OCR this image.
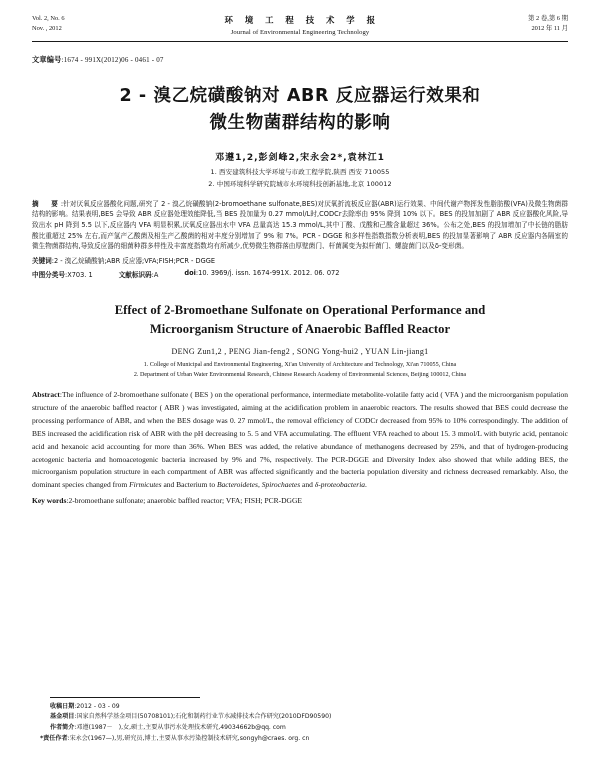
Vol. 2, No. 6
Nov. , 2012
环 境 工 程 技 术 学 报
Journal of Environmental Engineering Technology
第 2 卷,第 6 期
2012 年 11 月
文章编号:1674 - 991X(2012)06 - 0461 - 07
2 - 溴乙烷磺酸钠对 ABR 反应器运行效果和
微生物菌群结构的影响
邓遵1,2,彭剑峰2,宋永会2*,袁林江1
1. 西安建筑科技大学环境与市政工程学院,陕西 西安 710055
2. 中国环境科学研究院城市水环境科技创新基地,北京 100012
摘　要:针对厌氧反应器酸化问题,研究了 2 - 溴乙烷磺酸钠(2-bromoethane sulfonate,BES)对厌氧折流板反应器(ABR)运行效果、中间代谢产物挥发性脂肪酸(VFA)及微生物菌群结构的影响。结果表明,BES 会导致 ABR 反应器处理效能降低,当 BES 投加量为 0.27 mmol/L时,CODCr去除率由 95% 降到 10% 以下。BES 的投加加剧了 ABR 反应器酸化风险,导致出水 pH 降到 5.5 以下,反应器内 VFA 明显积累,厌氧反应器出水中 VFA 总量高达 15.3 mmol/L,其中丁酸、戊酸和己酸含量超过 36%。公布之处,BES 的投加增加了中长链的脂肪酸比重超过 25% 左右,而产氢产乙酸菌及相生产乙酸菌的相对丰度分别增加了 9% 和 7%。PCR - DGGE 和多样性指数指数分析表明,BES 的投加显著影响了 ABR 反应器内各隔室的微生物菌群结构,导致反应器的细菌种群多样性及丰富度指数均有所减少,优势微生物群落由厚壁菌门、杆菌属变为拟杆菌门、螺旋菌门以及δ-变形菌。
关键词:2 - 溴乙烷磺酸钠;ABR 反应器;VFA;FISH;PCR - DGGE
中图分类号:X703. 1	文献标识码:A	doi:10. 3969/j. issn. 1674-991X. 2012. 06. 072
Effect of 2-Bromoethane Sulfonate on Operational Performance and
Microorganism Structure of Anaerobic Baffled Reactor
DENG Zun1,2 , PENG Jian-feng2 , SONG Yong-hui2 , YUAN Lin-jiang1
1. College of Municipal and Environmental Engineering, Xi'an University of Architecture and Technology, Xi'an 710055, China
2. Department of Urban Water Environmental Research, Chinese Research Academy of Environmental Sciences, Beijing 100012, China
Abstract:The influence of 2-bromoethane sulfonate ( BES ) on the operational performance, intermediate metabolite-volatile fatty acid ( VFA ) and the microorganism population structure of the anaerobic baffled reactor ( ABR ) was investigated, aiming at the acidification problem in anaerobic reactors. The results showed that BES could decrease the processing performance of ABR, and when the BES dosage was 0. 27 mmol/L, the removal efficiency of CODCr decreased from 95% to 10% correspondingly. The addition of BES increased the acidification risk of ABR with the pH decreasing to 5. 5 and VFA accumulating. The effluent VFA reached to about 15. 3 mmol/L with butyric acid, pentanoic acid and hexanoic acid accounting for more than 36%. When BES was added, the relative abundance of methanogens decreased by 25%, and that of hydrogen-producing acetogenic bacteria and homoacetogenic bacteria increased by 9% and 7%, respectively. The PCR-DGGE and Diversity Index also showed that while adding BES, the microorganism population structure in each compartment of ABR was affected significantly and the bacteria population diversity and richness decreased remarkably. Also, the dominant species changed from Firmicutes and Bacterium to Bacteroidetes, Spirochaetes and δ-proteobacteria.
Key words:2-bromoethane sulfonate; anaerobic baffled reactor; VFA; FISH; PCR-DGGE
收稿日期:2012 - 03 - 09
基金项目:国家自然科学基金项目(50708101);石化和制药行业节水减排技术合作研究(2010DFD90590)
作者简介:邓遵(1987－　),女,硕士,主要从事污水处理技术研究,49034662b@qq. com
*责任作者:宋永会(1967—),男,研究员,博士,主要从事水污染控制技术研究,songyh@craes. org. cn
